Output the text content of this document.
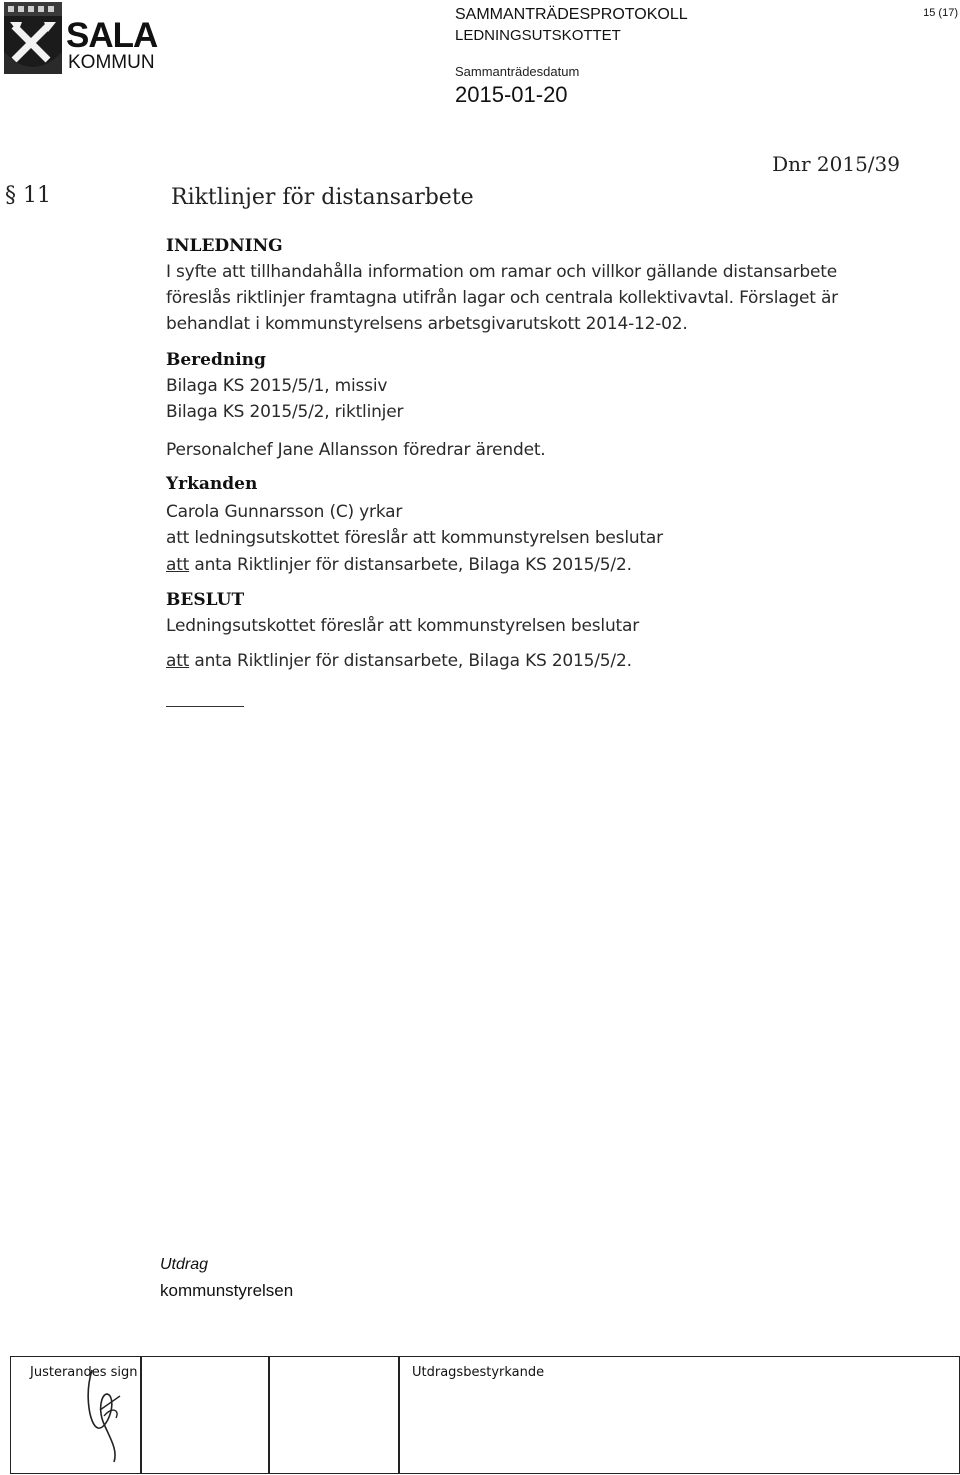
SALA
KOMMUN
SAMMANTRÄDESPROTOKOLL
LEDNINGSUTSKOTTET
Sammanträdesdatum
2015-01-20
15 (17)
Dnr 2015/39
§ 11	Riktlinjer för distansarbete
INLEDNING
I syfte att tillhandahålla information om ramar och villkor gällande distansarbete
föreslås riktlinjer framtagna utifrån lagar och centrala kollektivavtal. Förslaget är
behandlat i kommunstyrelsens arbetsgivarutskott 2014-12-02.
Beredning
Bilaga KS 2015/5/1, missiv
Bilaga KS 2015/5/2, riktlinjer
Personalchef Jane Allansson föredrar ärendet.
Yrkanden
Carola Gunnarsson (C) yrkar
att ledningsutskottet föreslår att kommunstyrelsen beslutar
att anta Riktlinjer för distansarbete, Bilaga KS 2015/5/2.
BESLUT
Ledningsutskottet föreslår att kommunstyrelsen beslutar
att anta Riktlinjer för distansarbete, Bilaga KS 2015/5/2.
Utdrag
kommunstyrelsen
Justerandes sign	Utdragsbestyrkande
